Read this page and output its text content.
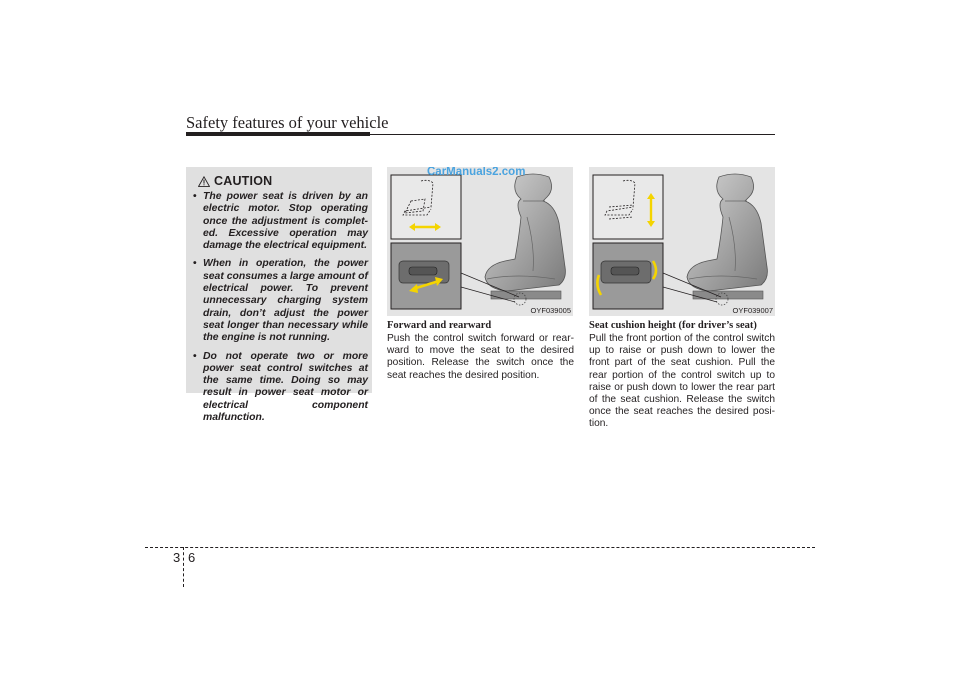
Safety features of your vehicle
CAUTION
• The power seat is driven by an electric motor. Stop operating once the adjustment is complet-ed. Excessive operation may damage the electrical equipment.
• When in operation, the power seat consumes a large amount of electrical power. To prevent unnecessary charging system drain, don’t adjust the power seat longer than necessary while the engine is not running.
• Do not operate two or more power seat control switches at the same time. Doing so may result in power seat motor or electrical component malfunction.
CarManuals2.com
OYF039005	OYF039007
Forward and rearward
Push the control switch forward or rear-ward to move the seat to the desired position. Release the switch once the seat reaches the desired position.
Seat cushion height (for driver’s seat)
Pull the front portion of the control switch up to raise or push down to lower the front part of the seat cushion. Pull the rear portion of the control switch up to raise or push down to lower the rear part of the seat cushion. Release the switch once the seat reaches the desired posi-tion.
3 6
